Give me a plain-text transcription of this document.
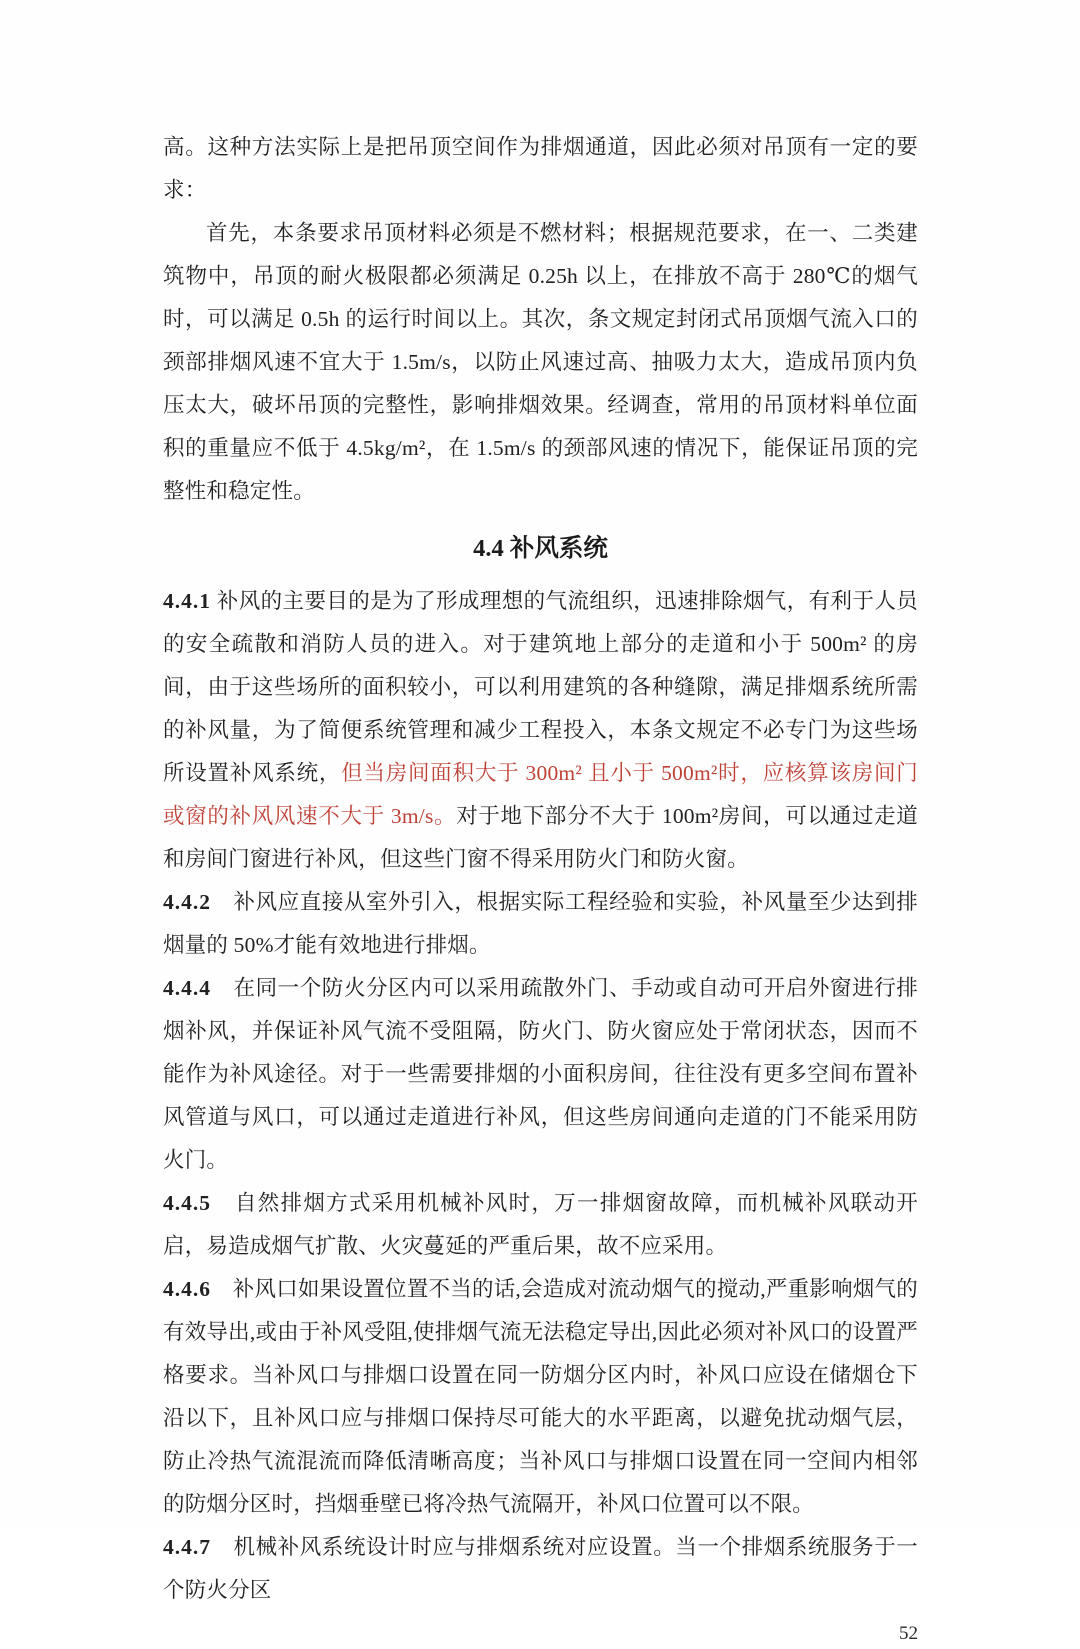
高。这种方法实际上是把吊顶空间作为排烟通道，因此必须对吊顶有一定的要求：

首先，本条要求吊顶材料必须是不燃材料；根据规范要求，在一、二类建筑物中，吊顶的耐火极限都必须满足 0.25h 以上，在排放不高于 280℃的烟气时，可以满足 0.5h 的运行时间以上。其次，条文规定封闭式吊顶烟气流入口的颈部排烟风速不宜大于 1.5m/s，以防止风速过高、抽吸力太大，造成吊顶内负压太大，破坏吊顶的完整性，影响排烟效果。经调查，常用的吊顶材料单位面积的重量应不低于 4.5kg/m²，在 1.5m/s 的颈部风速的情况下，能保证吊顶的完整性和稳定性。

4.4 补风系统

4.4.1 补风的主要目的是为了形成理想的气流组织，迅速排除烟气，有利于人员的安全疏散和消防人员的进入。对于建筑地上部分的走道和小于 500m² 的房间，由于这些场所的面积较小，可以利用建筑的各种缝隙，满足排烟系统所需的补风量，为了简便系统管理和减少工程投入，本条文规定不必专门为这些场所设置补风系统，但当房间面积大于 300m² 且小于 500m²时，应核算该房间门或窗的补风风速不大于 3m/s。对于地下部分不大于 100m²房间，可以通过走道和房间门窗进行补风，但这些门窗不得采用防火门和防火窗。

4.4.2　补风应直接从室外引入，根据实际工程经验和实验，补风量至少达到排烟量的 50%才能有效地进行排烟。

4.4.4　在同一个防火分区内可以采用疏散外门、手动或自动可开启外窗进行排烟补风，并保证补风气流不受阻隔，防火门、防火窗应处于常闭状态，因而不能作为补风途径。对于一些需要排烟的小面积房间，往往没有更多空间布置补风管道与风口，可以通过走道进行补风，但这些房间通向走道的门不能采用防火门。

4.4.5　自然排烟方式采用机械补风时，万一排烟窗故障，而机械补风联动开启，易造成烟气扩散、火灾蔓延的严重后果，故不应采用。

4.4.6　补风口如果设置位置不当的话,会造成对流动烟气的搅动,严重影响烟气的有效导出,或由于补风受阻,使排烟气流无法稳定导出,因此必须对补风口的设置严格要求。当补风口与排烟口设置在同一防烟分区内时，补风口应设在储烟仓下沿以下，且补风口应与排烟口保持尽可能大的水平距离，以避免扰动烟气层，防止冷热气流混流而降低清晰高度；当补风口与排烟口设置在同一空间内相邻的防烟分区时，挡烟垂壁已将冷热气流隔开，补风口位置可以不限。

4.4.7　机械补风系统设计时应与排烟系统对应设置。当一个排烟系统服务于一个防火分区

52
